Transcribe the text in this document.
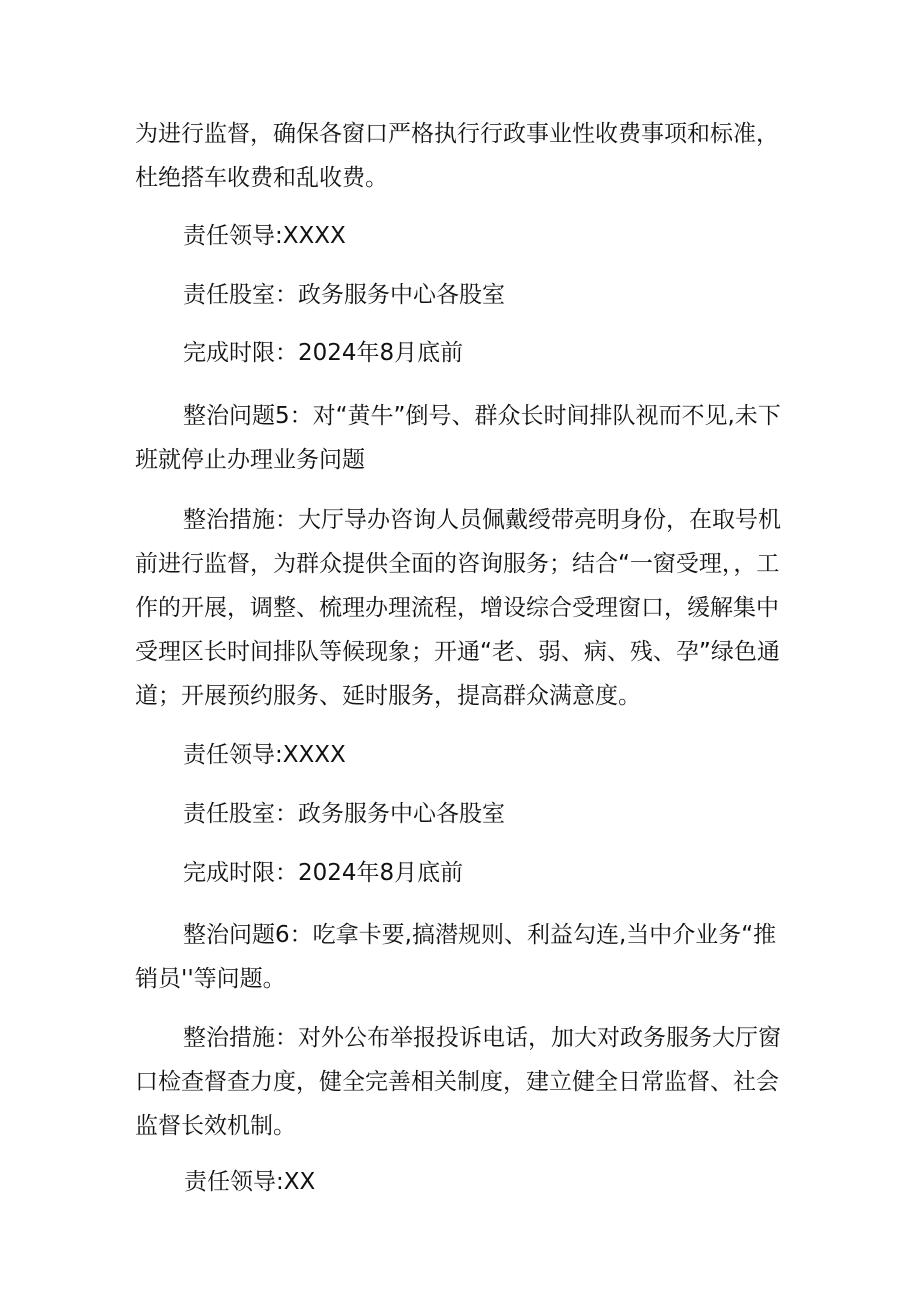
为进行监督，确保各窗口严格执行行政事业性收费事项和标准，杜绝搭车收费和乱收费。

责任领导:XXXX

责任股室：政务服务中心各股室

完成时限：2024年8月底前

整治问题5：对“黄牛”倒号、群众长时间排队视而不见,未下班就停止办理业务问题

整治措施：大厅导办咨询人员佩戴绶带亮明身份，在取号机前进行监督，为群众提供全面的咨询服务；结合“一窗受理，，工作的开展，调整、梳理办理流程，增设综合受理窗口，缓解集中受理区长时间排队等候现象；开通“老、弱、病、残、孕”绿色通道；开展预约服务、延时服务，提高群众满意度。

责任领导:XXXX

责任股室：政务服务中心各股室

完成时限：2024年8月底前

整治问题6：吃拿卡要,搞潜规则、利益勾连,当中介业务“推销员''等问题。

整治措施：对外公布举报投诉电话，加大对政务服务大厅窗口检查督查力度，健全完善相关制度，建立健全日常监督、社会监督长效机制。

责任领导:XX
